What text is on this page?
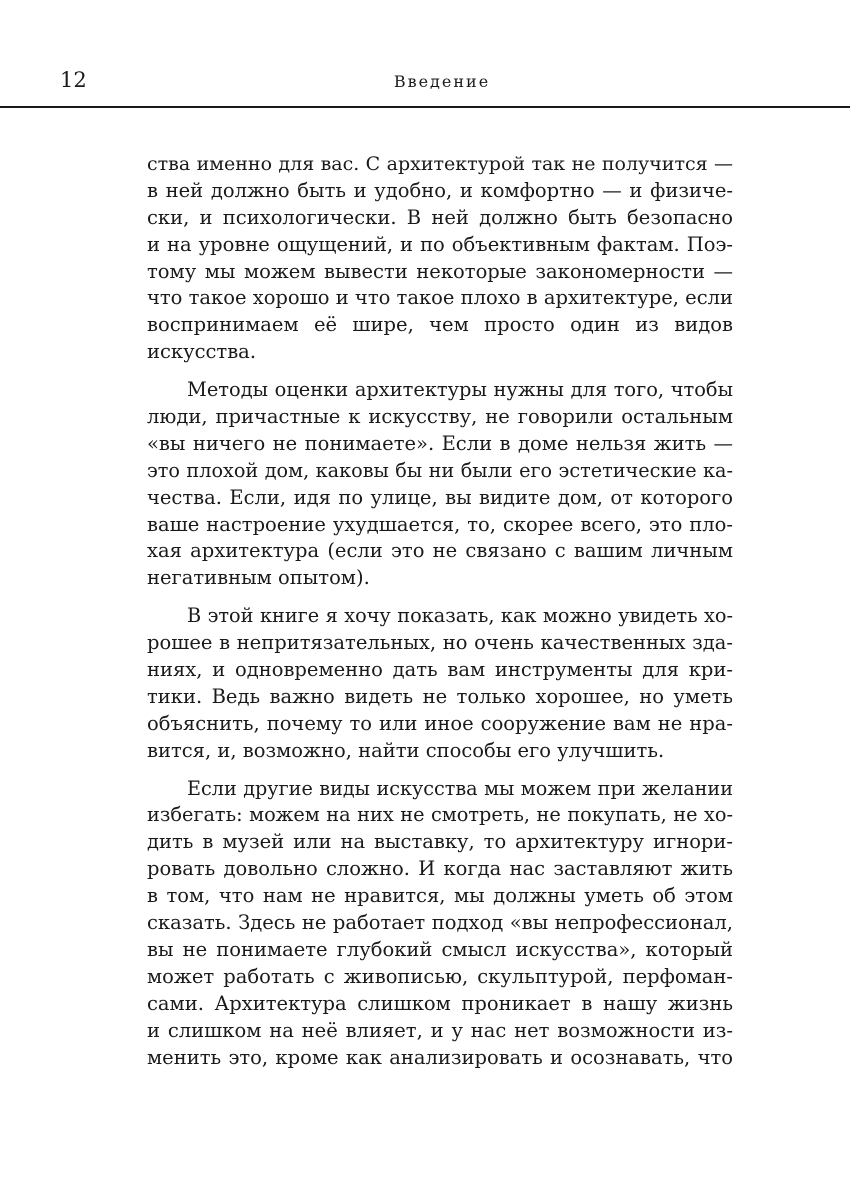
12	Введение
ства именно для вас. С архитектурой так не получится —
в ней должно быть и удобно, и комфортно — и физиче-
ски, и психологически. В ней должно быть безопасно
и на уровне ощущений, и по объективным фактам. Поэ-
тому мы можем вывести некоторые закономерности —
что такое хорошо и что такое плохо в архитектуре, если
воспринимаем её шире, чем просто один из видов
искусства.
Методы оценки архитектуры нужны для того, чтобы
люди, причастные к искусству, не говорили остальным
«вы ничего не понимаете». Если в доме нельзя жить —
это плохой дом, каковы бы ни были его эстетические ка-
чества. Если, идя по улице, вы видите дом, от которого
ваше настроение ухудшается, то, скорее всего, это пло-
хая архитектура (если это не связано с вашим личным
негативным опытом).
В этой книге я хочу показать, как можно увидеть хо-
рошее в непритязательных, но очень качественных зда-
ниях, и одновременно дать вам инструменты для кри-
тики. Ведь важно видеть не только хорошее, но уметь
объяснить, почему то или иное сооружение вам не нра-
вится, и, возможно, найти способы его улучшить.
Если другие виды искусства мы можем при желании
избегать: можем на них не смотреть, не покупать, не хо-
дить в музей или на выставку, то архитектуру игнори-
ровать довольно сложно. И когда нас заставляют жить
в том, что нам не нравится, мы должны уметь об этом
сказать. Здесь не работает подход «вы непрофессионал,
вы не понимаете глубокий смысл искусства», который
может работать с живописью, скульптурой, перфоман-
сами. Архитектура слишком проникает в нашу жизнь
и слишком на неё влияет, и у нас нет возможности из-
менить это, кроме как анализировать и осознавать, что
